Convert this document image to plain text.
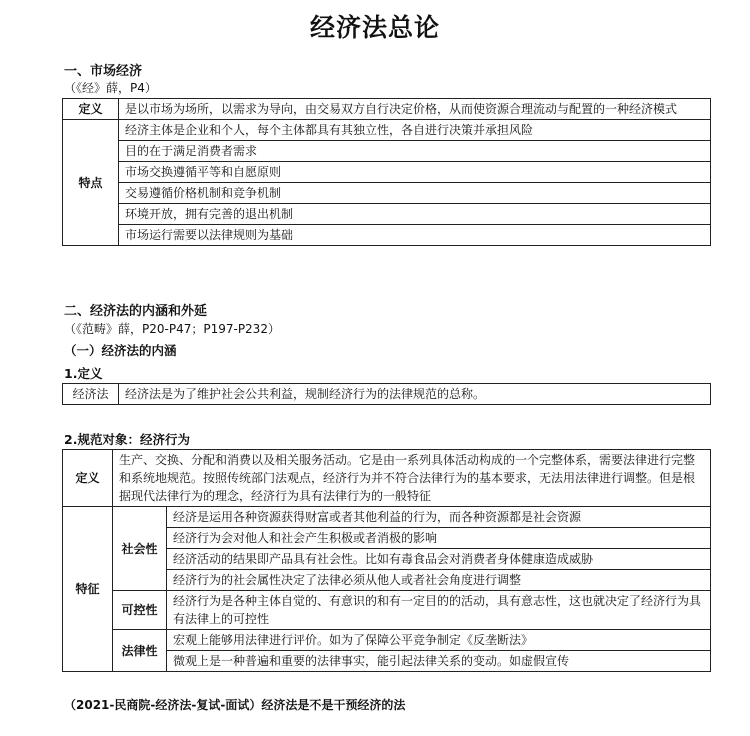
经济法总论
一、市场经济
（《经》薛，P4）
定义	是以市场为场所，以需求为导向，由交易双方自行决定价格，从而使资源合理流动与配置的一种经济模式
特点	经济主体是企业和个人，每个主体都具有其独立性，各自进行决策并承担风险
	目的在于满足消费者需求
	市场交换遵循平等和自愿原则
	交易遵循价格机制和竞争机制
	环境开放，拥有完善的退出机制
	市场运行需要以法律规则为基础
二、经济法的内涵和外延
（《范畴》薛，P20-P47；P197-P232）
（一）经济法的内涵
1.定义
经济法	经济法是为了维护社会公共利益，规制经济行为的法律规范的总称。
2.规范对象：经济行为
定义	生产、交换、分配和消费以及相关服务活动。它是由一系列具体活动构成的一个完整体系，需要法律进行完整和系统地规范。按照传统部门法观点，经济行为并不符合法律行为的基本要求，无法用法律进行调整。但是根据现代法律行为的理念，经济行为具有法律行为的一般特征	
特征	社会性	经济是运用各种资源获得财富或者其他利益的行为，而各种资源都是社会资源
		经济行为会对他人和社会产生积极或者消极的影响
		经济活动的结果即产品具有社会性。比如有毒食品会对消费者身体健康造成威胁
		经济行为的社会属性决定了法律必须从他人或者社会角度进行调整
	可控性	经济行为是各种主体自觉的、有意识的和有一定目的的活动，具有意志性，这也就决定了经济行为具有法律上的可控性
	法律性	宏观上能够用法律进行评价。如为了保障公平竞争制定《反垄断法》
		微观上是一种普遍和重要的法律事实，能引起法律关系的变动。如虚假宣传
（2021-民商院-经济法-复试-面试）经济法是不是干预经济的法
